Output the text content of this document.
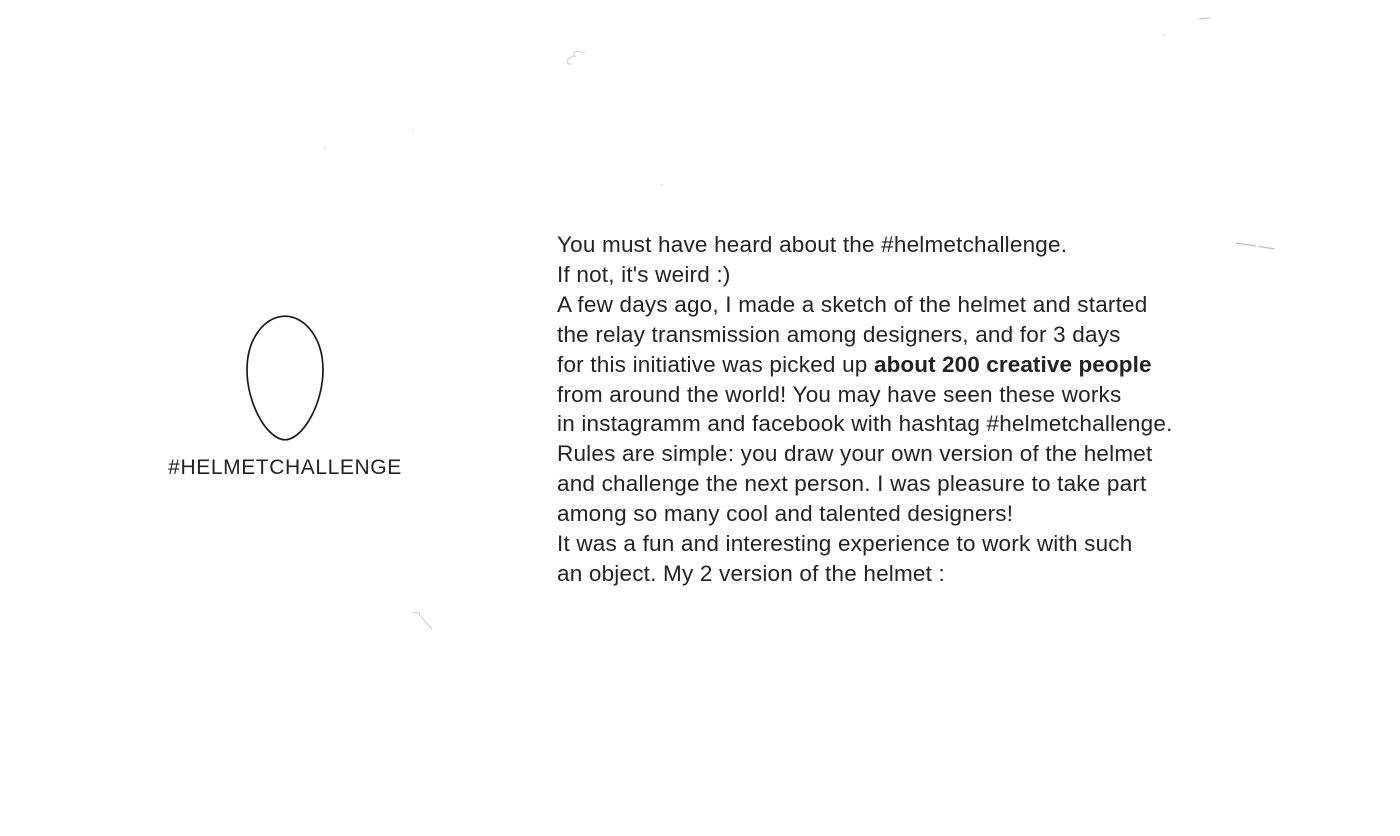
#HELMETCHALLENGE
You must have heard about the #helmetchallenge.
If not, it's weird :)
A few days ago, I made a sketch of the helmet and started
the relay transmission among designers, and for 3 days
for this initiative was picked up about 200 creative people
from around the world! You may have seen these works
in instagramm and facebook with hashtag #helmetchallenge.
Rules are simple: you draw your own version of the helmet
and challenge the next person. I was pleasure to take part
among so many cool and talented designers!
It was a fun and interesting experience to work with such
an object. My 2 version of the helmet :
